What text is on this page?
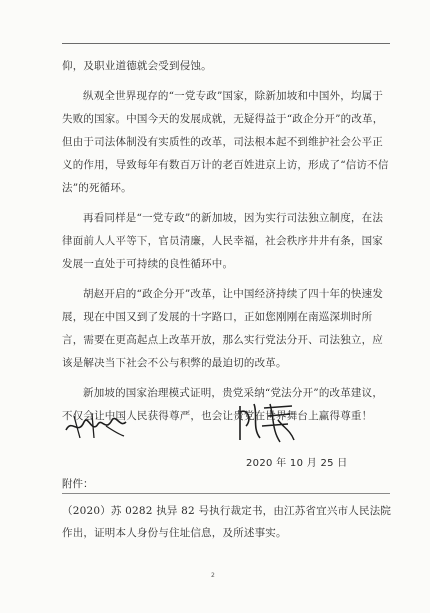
仰，及职业道德就会受到侵蚀。

纵观全世界现存的“一党专政”国家，除新加坡和中国外，均属于失败的国家。中国今天的发展成就，无疑得益于“政企分开”的改革，但由于司法体制没有实质性的改革，司法根本起不到维护社会公平正义的作用，导致每年有数百万计的老百姓进京上访，形成了“信访不信法”的死循环。

再看同样是“一党专政”的新加坡，因为实行司法独立制度，在法律面前人人平等下，官员清廉，人民幸福，社会秩序井井有条，国家发展一直处于可持续的良性循环中。

胡赵开启的“政企分开”改革，让中国经济持续了四十年的快速发展，现在中国又到了发展的十字路口，正如您刚刚在南巡深圳时所言，需要在更高起点上改革开放，那么实行党法分开、司法独立，应该是解决当下社会不公与积弊的最迫切的改革。

新加坡的国家治理模式证明，贵党采纳“党法分开”的改革建议，不仅会让中国人民获得尊严，也会让贵党在世界舞台上赢得尊重！

2020 年 10 月 25 日
附件：
（2020）苏 0282 执异 82 号执行裁定书，由江苏省宜兴市人民法院作出，证明本人身份与住址信息，及所述事实。
2
